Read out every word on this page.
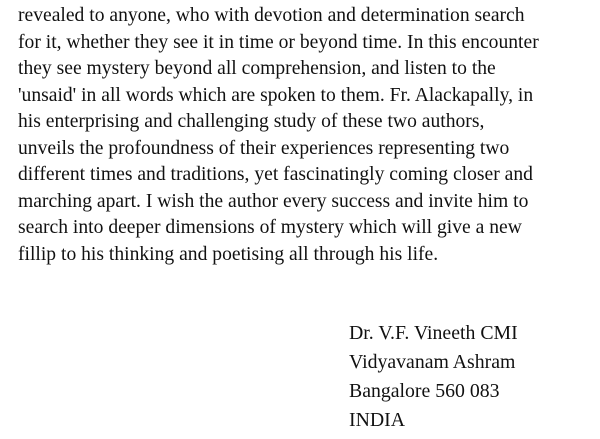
revealed to anyone, who with devotion and determination search
for it, whether they see it in time or beyond time. In this encounter
they see mystery beyond all comprehension, and listen to the
'unsaid' in all words which are spoken to them. Fr. Alackapally, in
his enterprising and challenging study of these two authors,
unveils the profoundness of their experiences representing two
different times and traditions, yet fascinatingly coming closer and
marching apart. I wish the author every success and invite him to
search into deeper dimensions of mystery which will give a new
fillip to his thinking and poetising all through his life.
Dr. V.F. Vineeth CMI
Vidyavanam Ashram
Bangalore 560 083
INDIA
